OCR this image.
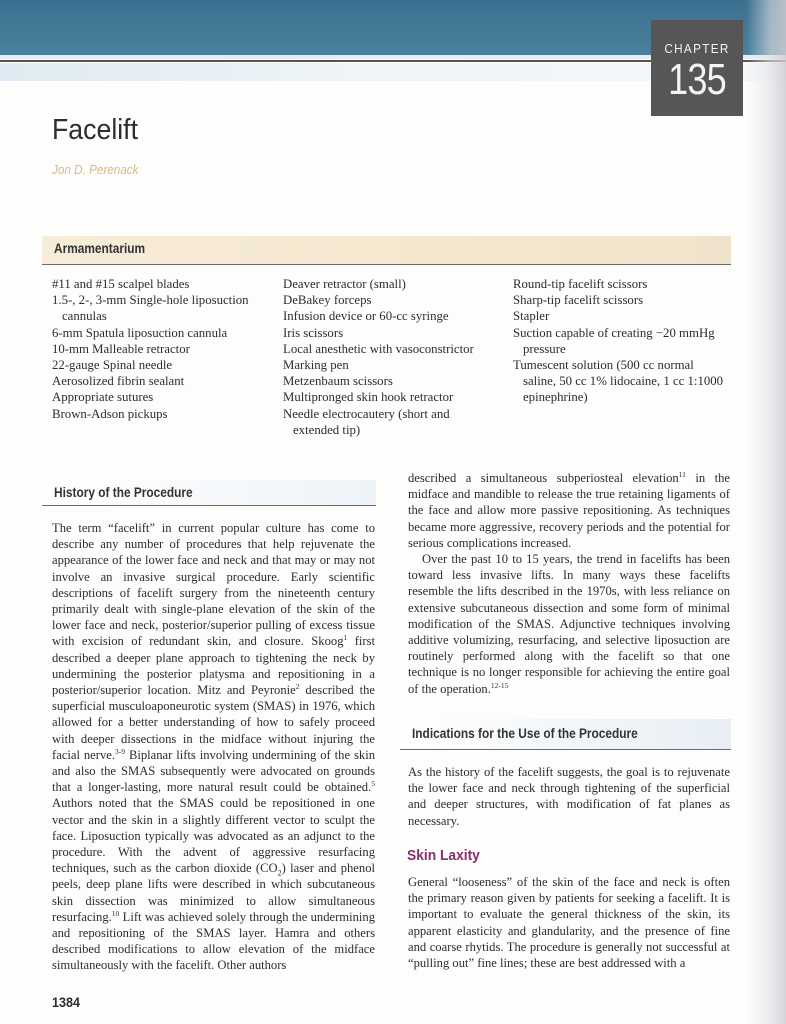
CHAPTER
135
Facelift
Jon D. Perenack
Armamentarium
#11 and #15 scalpel blades
1.5-, 2-, 3-mm Single-hole liposuction cannulas
6-mm Spatula liposuction cannula
10-mm Malleable retractor
22-gauge Spinal needle
Aerosolized fibrin sealant
Appropriate sutures
Brown-Adson pickups
Deaver retractor (small)
DeBakey forceps
Infusion device or 60-cc syringe
Iris scissors
Local anesthetic with vasoconstrictor
Marking pen
Metzenbaum scissors
Multipronged skin hook retractor
Needle electrocautery (short and extended tip)
Round-tip facelift scissors
Sharp-tip facelift scissors
Stapler
Suction capable of creating −20 mmHg pressure
Tumescent solution (500 cc normal saline, 50 cc 1% lidocaine, 1 cc 1:1000 epinephrine)
History of the Procedure

The term “facelift” in current popular culture has come to describe any number of procedures that help rejuvenate the appearance of the lower face and neck and that may or may not involve an invasive surgical procedure. Early scientific descriptions of facelift surgery from the nineteenth century primarily dealt with single-plane elevation of the skin of the lower face and neck, posterior/superior pulling of excess tissue with excision of redundant skin, and closure. Skoog$^1$ first described a deeper plane approach to tightening the neck by undermining the posterior platysma and repositioning in a posterior/superior location. Mitz and Peyronie$^2$ described the superficial musculoaponeurotic system (SMAS) in 1976, which allowed for a better understanding of how to safely proceed with deeper dissections in the midface without injuring the facial nerve.$^{3-9}$ Biplanar lifts involving undermining of the skin and also the SMAS subsequently were advocated on grounds that a longer-lasting, more natural result could be obtained.$^5$ Authors noted that the SMAS could be repositioned in one vector and the skin in a slightly different vector to sculpt the face. Liposuction typically was advocated as an adjunct to the procedure. With the advent of aggressive resurfacing techniques, such as the carbon dioxide $(CO_2)$ laser and phenol peels, deep plane lifts were described in which subcutaneous skin dissection was minimized to allow simultaneous resurfacing.$^{10}$ Lift was achieved solely through the undermining and repositioning of the SMAS layer. Hamra and others described modifications to allow elevation of the midface simultaneously with the facelift. Other authors

described a simultaneous subperiosteal elevation$^{11}$ in the midface and mandible to release the true retaining ligaments of the face and allow more passive repositioning. As techniques became more aggressive, recovery periods and the potential for serious complications increased.
Over the past 10 to 15 years, the trend in facelifts has been toward less invasive lifts. In many ways these facelifts resemble the lifts described in the 1970s, with less reliance on extensive subcutaneous dissection and some form of minimal modification of the SMAS. Adjunctive techniques involving additive volumizing, resurfacing, and selective liposuction are routinely performed along with the facelift so that one technique is no longer responsible for achieving the entire goal of the operation.$^{12-15}$

Indications for the Use of the Procedure

As the history of the facelift suggests, the goal is to rejuvenate the lower face and neck through tightening of the superficial and deeper structures, with modification of fat planes as necessary.

Skin Laxity

General “looseness” of the skin of the face and neck is often the primary reason given by patients for seeking a facelift. It is important to evaluate the general thickness of the skin, its apparent elasticity and glandularity, and the presence of fine and coarse rhytids. The procedure is generally not successful at “pulling out” fine lines; these are best addressed with a

1384
